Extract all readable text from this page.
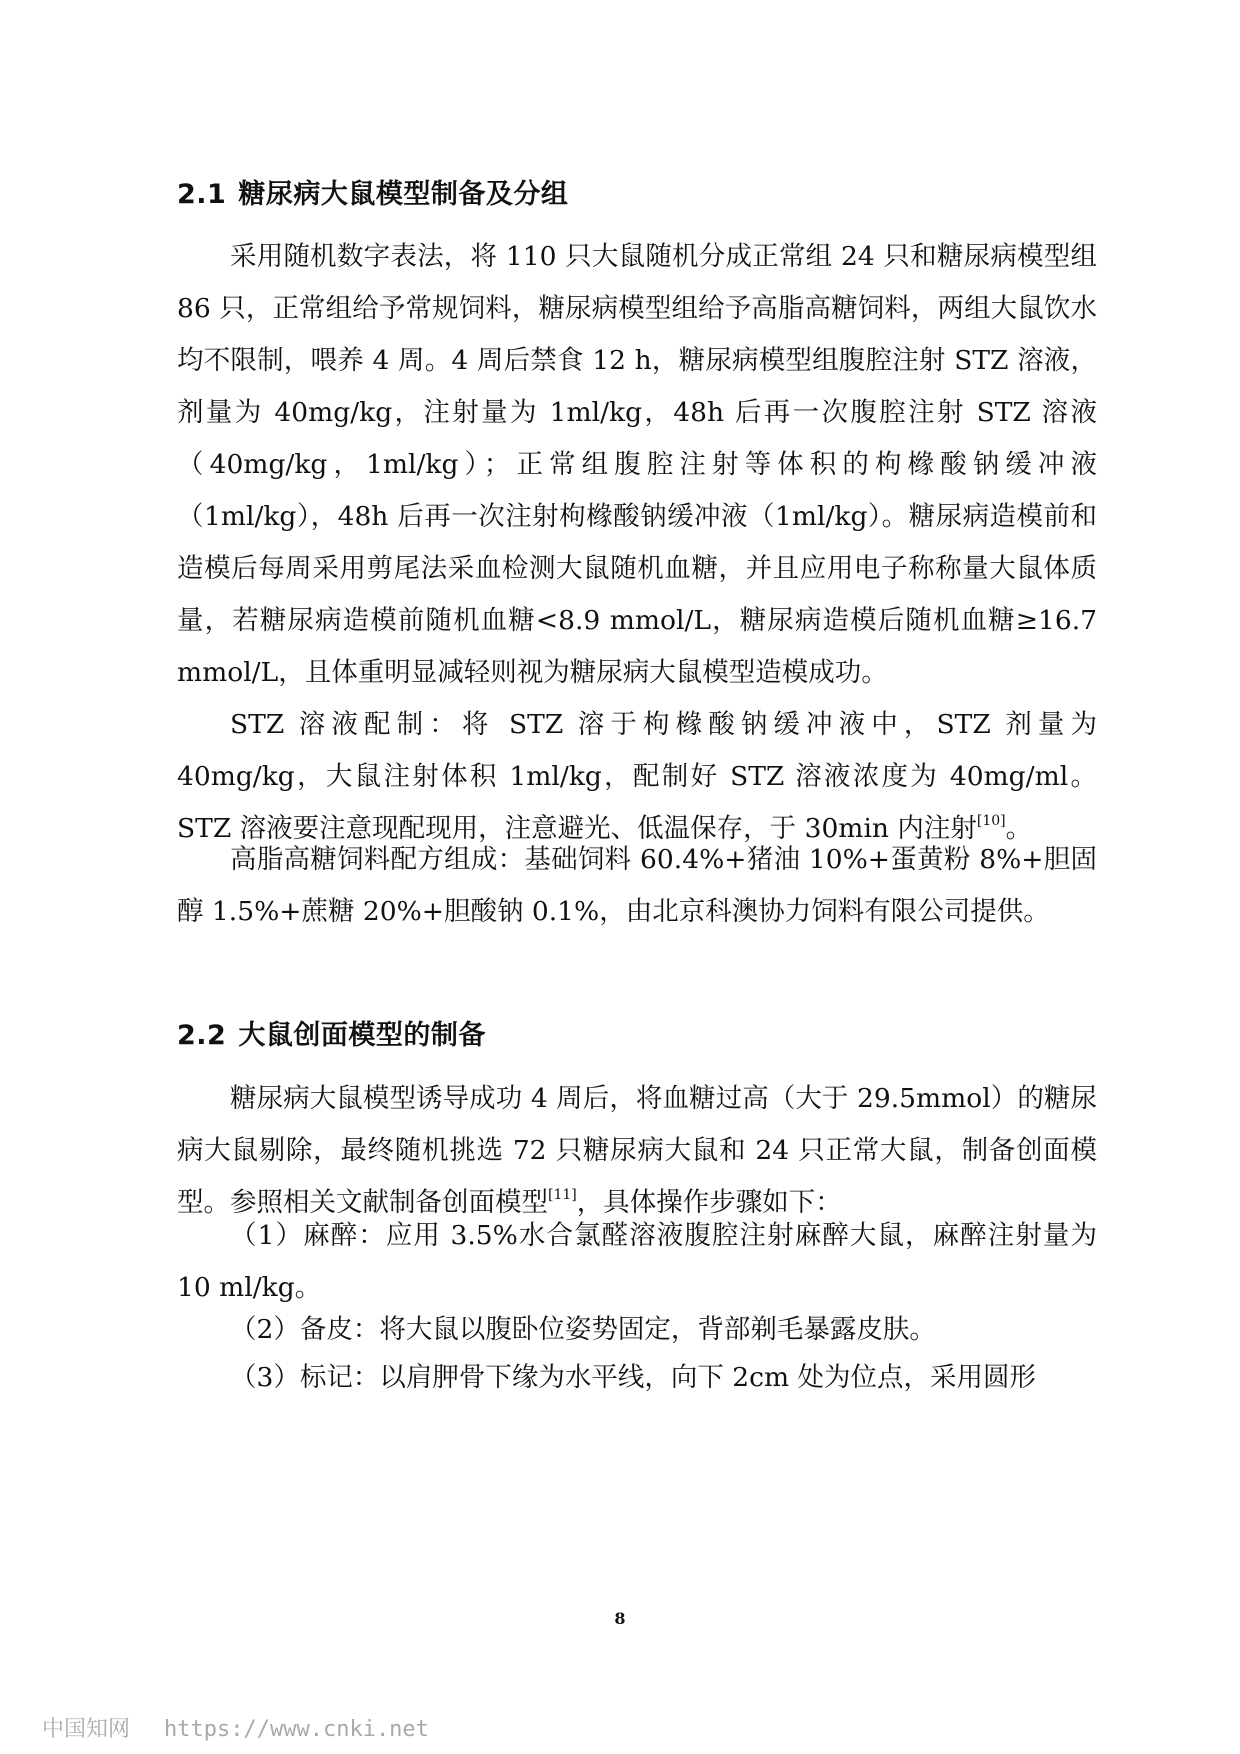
2.1 糖尿病大鼠模型制备及分组

采用随机数字表法，将 110 只大鼠随机分成正常组 24 只和糖尿病模型组 86 只，正常组给予常规饲料，糖尿病模型组给予高脂高糖饲料，两组大鼠饮水均不限制，喂养 4 周。4 周后禁食 12 h，糖尿病模型组腹腔注射 STZ 溶液，剂量为 40mg/kg，注射量为 1ml/kg，48h 后再一次腹腔注射 STZ 溶液（40mg/kg，1ml/kg）；正常组腹腔注射等体积的枸橼酸钠缓冲液（1ml/kg），48h 后再一次注射枸橼酸钠缓冲液（1ml/kg）。糖尿病造模前和造模后每周采用剪尾法采血检测大鼠随机血糖，并且应用电子称称量大鼠体质量，若糖尿病造模前随机血糖<8.9 mmol/L，糖尿病造模后随机血糖≥16.7 mmol/L，且体重明显减轻则视为糖尿病大鼠模型造模成功。

STZ 溶液配制：将 STZ 溶于枸橼酸钠缓冲液中，STZ 剂量为 40mg/kg，大鼠注射体积 1ml/kg，配制好 STZ 溶液浓度为 40mg/ml。STZ 溶液要注意现配现用，注意避光、低温保存，于 30min 内注射[10]。

高脂高糖饲料配方组成：基础饲料 60.4%+猪油 10%+蛋黄粉 8%+胆固醇 1.5%+蔗糖 20%+胆酸钠 0.1%，由北京科澳协力饲料有限公司提供。

2.2 大鼠创面模型的制备

糖尿病大鼠模型诱导成功 4 周后，将血糖过高（大于 29.5mmol）的糖尿病大鼠剔除，最终随机挑选 72 只糖尿病大鼠和 24 只正常大鼠，制备创面模型。参照相关文献制备创面模型[11]，具体操作步骤如下：

（1）麻醉：应用 3.5%水合氯醛溶液腹腔注射麻醉大鼠，麻醉注射量为 10 ml/kg。

（2）备皮：将大鼠以腹卧位姿势固定，背部剃毛暴露皮肤。

（3）标记：以肩胛骨下缘为水平线，向下 2cm 处为位点，采用圆形

8
中国知网 https://www.cnki.net
